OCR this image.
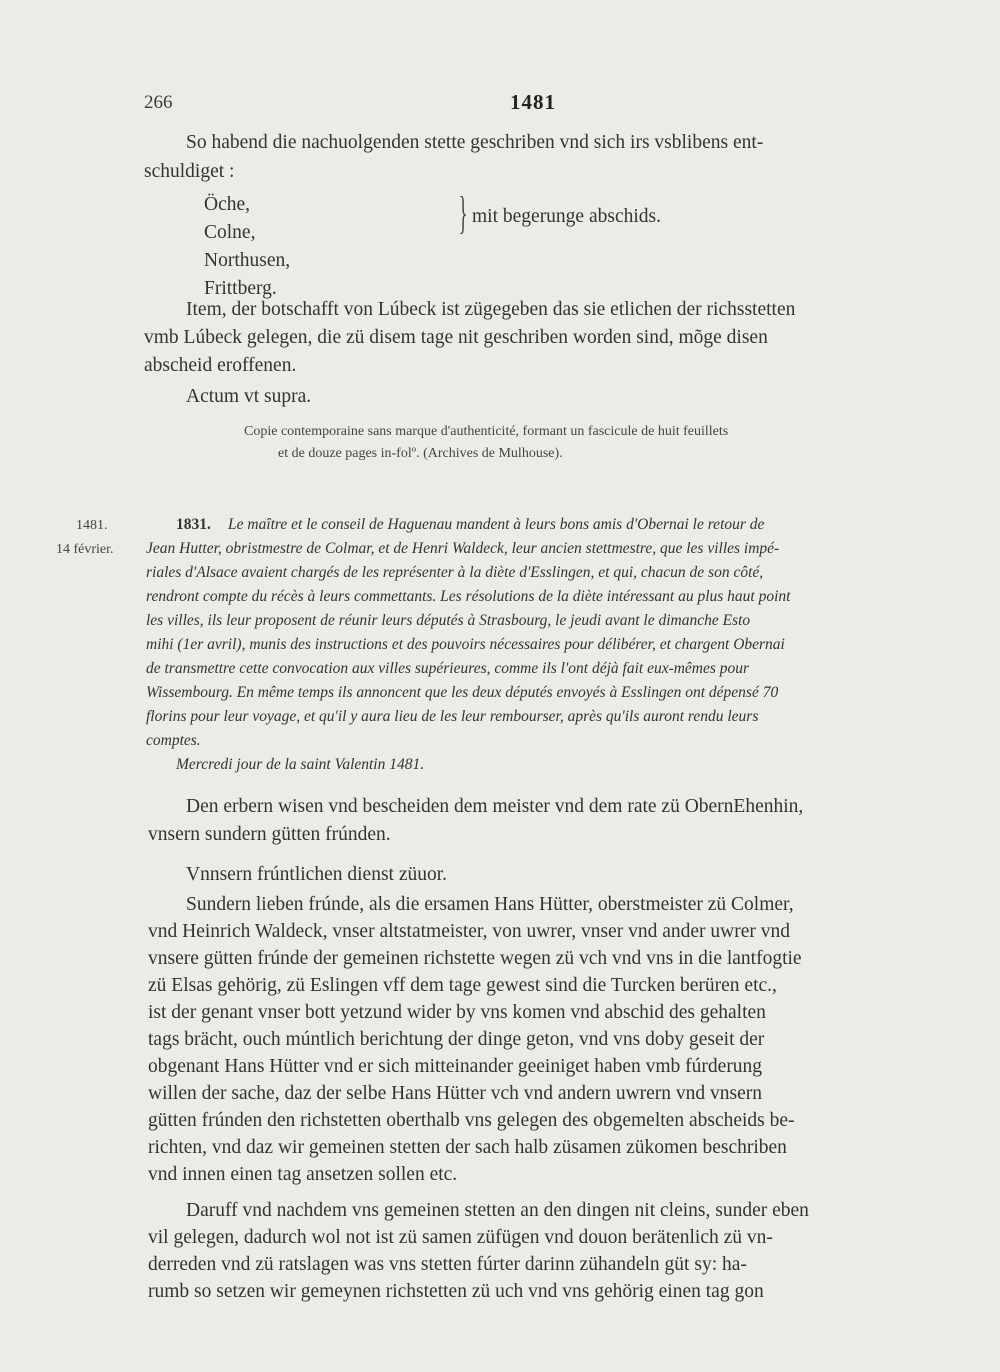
266	1481
So habend die nachuolgenden stette geschriben vnd sich irs vsblibens ent-
schuldiget :
Öche,
Colne,
Northusen,
Frittberg.
} mit begerunge abschids.
Item, der botschafft von Lúbeck ist zügegeben das sie etlichen der richsstetten
vmb Lúbeck gelegen, die zü disem tage nit geschriben worden sind, mõge disen
abscheid eroffenen.
Actum vt supra.
Copie contemporaine sans marque d'authenticité, formant un fascicule de huit feuillets
et de douze pages in-folº. (Archives de Mulhouse).
1481.
14 février.
1831. Le maître et le conseil de Haguenau mandent à leurs bons amis d'Obernai le retour de
Jean Hutter, obristmestre de Colmar, et de Henri Waldeck, leur ancien stettmestre, que les villes impé-
riales d'Alsace avaient chargés de les représenter à la diète d'Esslingen, et qui, chacun de son côté,
rendront compte du récès à leurs commettants. Les résolutions de la diète intéressant au plus haut point
les villes, ils leur proposent de réunir leurs députés à Strasbourg, le jeudi avant le dimanche Esto
mihi (1er avril), munis des instructions et des pouvoirs nécessaires pour délibérer, et chargent Obernai
de transmettre cette convocation aux villes supérieures, comme ils l'ont déjà fait eux-mêmes pour
Wissembourg. En même temps ils annoncent que les deux députés envoyés à Esslingen ont dépensé 70
florins pour leur voyage, et qu'il y aura lieu de les leur rembourser, après qu'ils auront rendu leurs
comptes.
Mercredi jour de la saint Valentin 1481.
Den erbern wisen vnd bescheiden dem meister vnd dem rate zü ObernEhenhin,
vnsern sundern gütten frúnden.
Vnnsern frúntlichen dienst züuor.
Sundern lieben frúnde, als die ersamen Hans Hütter, oberstmeister zü Colmer,
vnd Heinrich Waldeck, vnser altstatmeister, von uwrer, vnser vnd ander uwrer vnd
vnsere gütten frúnde der gemeinen richstette wegen zü vch vnd vns in die lantfogtie
zü Elsas gehörig, zü Eslingen vff dem tage gewest sind die Turcken berüren etc.,
ist der genant vnser bott yetzund wider by vns komen vnd abschid des gehalten
tags brächt, ouch múntlich berichtung der dinge geton, vnd vns doby geseit der
obgenant Hans Hütter vnd er sich mitteinander geeiniget haben vmb fúrderung
willen der sache, daz der selbe Hans Hütter vch vnd andern uwrern vnd vnsern
gütten frúnden den richstetten oberthalb vns gelegen des obgemelten abscheids be-
richten, vnd daz wir gemeinen stetten der sach halb züsamen zükomen beschriben
vnd innen einen tag ansetzen sollen etc.
Daruff vnd nachdem vns gemeinen stetten an den dingen nit cleins, sunder eben
vil gelegen, dadurch wol not ist zü samen züfügen vnd douon berätenlich zü vn-
derreden vnd zü ratslagen was vns stetten fúrter darinn zühandeln güt sy: ha-
rumb so setzen wir gemeynen richstetten zü uch vnd vns gehörig einen tag gon
